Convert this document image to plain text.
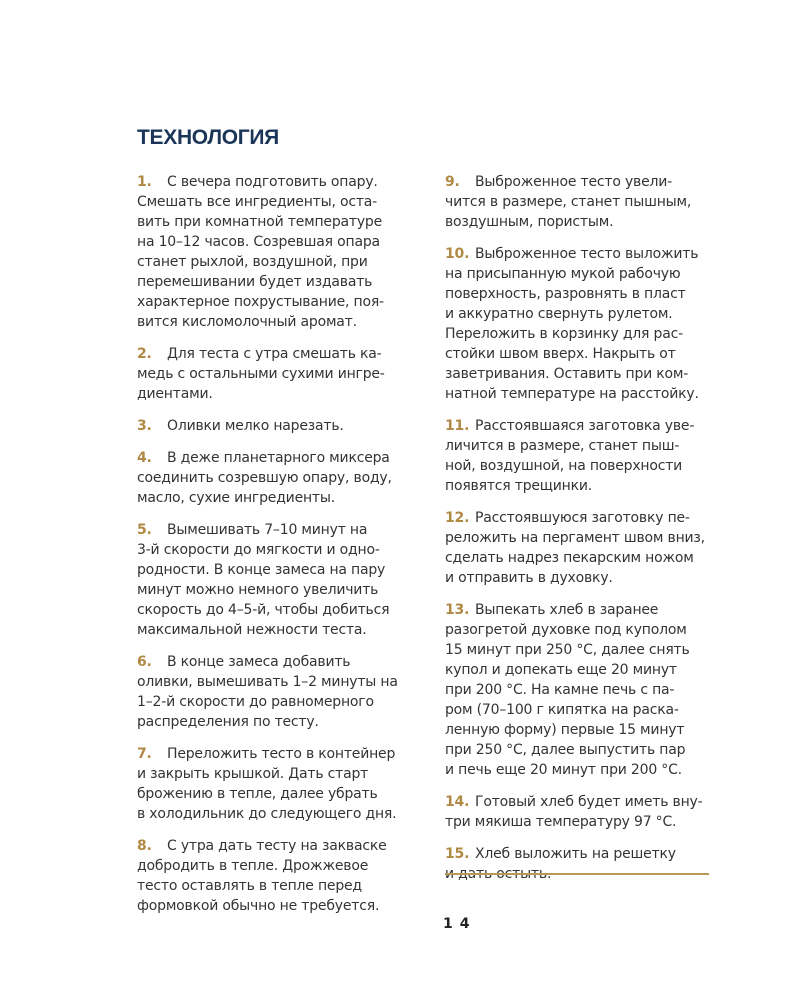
ТЕХНОЛОГИЯ

1. С вечера подготовить опару.
Смешать все ингредиенты, оста-
вить при комнатной температуре
на 10–12 часов. Созревшая опара
станет рыхлой, воздушной, при
перемешивании будет издавать
характерное похрустывание, поя-
вится кисломолочный аромат.

2. Для теста с утра смешать ка-
медь с остальными сухими ингре-
диентами.

3. Оливки мелко нарезать.

4. В деже планетарного миксера
соединить созревшую опару, воду,
масло, сухие ингредиенты.

5. Вымешивать 7–10 минут на
3-й скорости до мягкости и одно-
родности. В конце замеса на пару
минут можно немного увеличить
скорость до 4–5-й, чтобы добиться
максимальной нежности теста.

6. В конце замеса добавить
оливки, вымешивать 1–2 минуты на
1–2-й скорости до равномерного
распределения по тесту.

7. Переложить тесто в контейнер
и закрыть крышкой. Дать старт
брожению в тепле, далее убрать
в холодильник до следующего дня.

8. С утра дать тесту на закваске
добродить в тепле. Дрожжевое
тесто оставлять в тепле перед
формовкой обычно не требуется.

9. Выброженное тесто увели-
чится в размере, станет пышным,
воздушным, пористым.

10. Выброженное тесто выложить
на присыпанную мукой рабочую
поверхность, разровнять в пласт
и аккуратно свернуть рулетом.
Переложить в корзинку для рас-
стойки швом вверх. Накрыть от
заветривания. Оставить при ком-
натной температуре на расстойку.

11. Расстоявшаяся заготовка уве-
личится в размере, станет пыш-
ной, воздушной, на поверхности
появятся трещинки.

12. Расстоявшуюся заготовку пе-
реложить на пергамент швом вниз,
сделать надрез пекарским ножом
и отправить в духовку.

13. Выпекать хлеб в заранее
разогретой духовке под куполом
15 минут при 250 °С, далее снять
купол и допекать еще 20 минут
при 200 °С. На камне печь с па-
ром (70–100 г кипятка на раска-
ленную форму) первые 15 минут
при 250 °С, далее выпустить пар
и печь еще 20 минут при 200 °С.

14. Готовый хлеб будет иметь вну-
три мякиша температуру 97 °С.

15. Хлеб выложить на решетку
и дать остыть.

14
